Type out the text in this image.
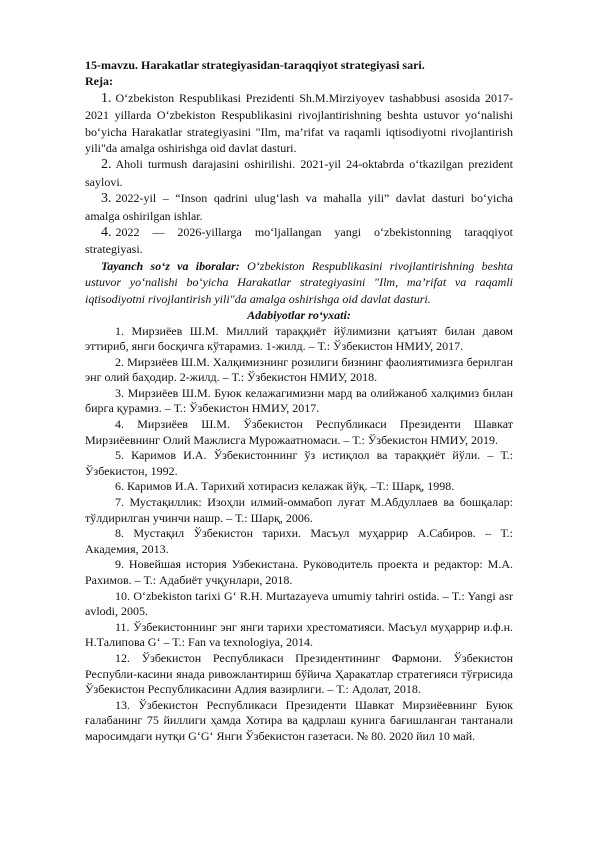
15-mavzu. Harakatlar strategiyasidan-taraqqiyot strategiyasi sari.

Reja:

1. O‘zbekiston Respublikasi Prezidenti Sh.M.Mirziyoyev tashabbusi asosida 2017-2021 yillarda O‘zbekiston Respublikasini rivojlantirishning beshta ustuvor yo‘nalishi bo‘yicha Harakatlar strategiyasini "Ilm, ma’rifat va raqamli iqtisodiyotni rivojlantirish yili"da amalga oshirishga oid davlat dasturi.

2. Aholi turmush darajasini oshirilishi. 2021-yil 24-oktabrda o‘tkazilgan prezident saylovi.

3. 2022-yil – “Inson qadrini ulug‘lash va mahalla yili” davlat dasturi bo‘yicha amalga oshirilgan ishlar.

4. 2022 — 2026-yillarga mo‘ljallangan yangi o‘zbekistonning taraqqiyot strategiyasi.

Tayanch so‘z va iboralar: O‘zbekiston Respublikasini rivojlantirishning beshta ustuvor yo‘nalishi bo‘yicha Harakatlar strategiyasini "Ilm, ma’rifat va raqamli iqtisodiyotni rivojlantirish yili"da amalga oshirishga oid davlat dasturi.

Adabiyotlar ro‘yxati:

1. Мирзиёев Ш.М. Миллий тараққиёт йўлимизни қатъият билан давом эттириб, янги босқичга кўтарамиз. 1-жилд. – Т.: Ўзбекистон НМИУ, 2017.
2. Мирзиёев Ш.М. Халқимизнинг розилиги бизнинг фаолиятимизга берилган энг олий баҳодир. 2-жилд. – Т.: Ўзбекистон НМИУ, 2018.
3. Мирзиёев Ш.М. Буюк келажагимизни мард ва олийжаноб халқимиз билан бирга қурамиз. – Т.: Ўзбекистон НМИУ, 2017.
4. Мирзиёев Ш.М. Ўзбекистон Республикаси Президенти Шавкат Мирзиёевнинг Олий Мажлисга Мурожаатномаси. – Т.: Ўзбекистон НМИУ, 2019.
5. Каримов И.А. Ўзбекистоннинг ўз истиқлол ва тараққиёт йўли. – Т.: Ўзбекистон, 1992.
6. Каримов И.А. Тарихий хотирасиз келажак йўқ. –Т.: Шарқ, 1998.
7. Мустақиллик: Изоҳли илмий-оммабоп луғат М.Абдуллаев ва бошқалар: тўлдирилган учинчи нашр. – Т.: Шарқ, 2006.
8. Мустақил Ўзбекистон тарихи. Масъул муҳаррир А.Сабиров. – Т.: Академия, 2013.
9. Новейшая история Узбекистана. Руководитель проекта и редактор: М.А. Рахимов. – Т.: Адабиёт учқунлари, 2018.
10. O‘zbekiston tarixi G‘ R.H. Murtazayeva umumiy tahriri ostida. – T.: Yangi asr avlodi, 2005.
11. Ўзбекистоннинг энг янги тарихи хрестоматияси. Масъул муҳаррир и.ф.н. Н.Талипова G‘ – T.: Fan va texnologiya, 2014.
12. Ўзбекистон Республикаси Президентининг Фармони. Ўзбекистон Республи-касини янада ривожлантириш бўйича Ҳаракатлар стратегияси тўғрисида Ўзбекистон Республикасини Адлия вазирлиги. – Т.: Адолат, 2018.
13. Ўзбекистон Республикаси Президенти Шавкат Мирзиёевнинг Буюк ғалабанинг 75 йиллиги ҳамда Хотира ва қадрлаш кунига бағишланган тантанали маросимдаги нутқи G‘G‘ Янги Ўзбекистон газетаси. № 80. 2020 йил 10 май.
